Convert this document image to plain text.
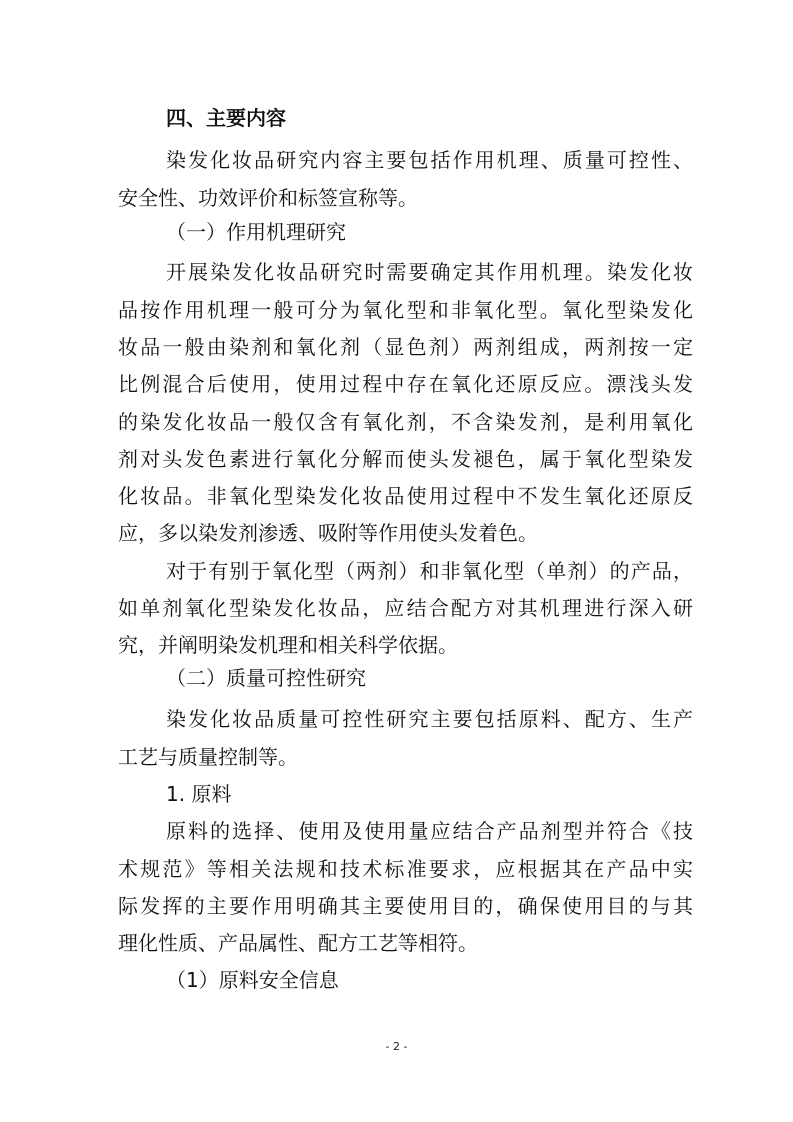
四、主要内容
染发化妆品研究内容主要包括作用机理、质量可控性、
安全性、功效评价和标签宣称等。
（一）作用机理研究
开展染发化妆品研究时需要确定其作用机理。染发化妆
品按作用机理一般可分为氧化型和非氧化型。氧化型染发化
妆品一般由染剂和氧化剂（显色剂）两剂组成，两剂按一定
比例混合后使用，使用过程中存在氧化还原反应。漂浅头发
的染发化妆品一般仅含有氧化剂，不含染发剂，是利用氧化
剂对头发色素进行氧化分解而使头发褪色，属于氧化型染发
化妆品。非氧化型染发化妆品使用过程中不发生氧化还原反
应，多以染发剂渗透、吸附等作用使头发着色。
对于有别于氧化型（两剂）和非氧化型（单剂）的产品，
如单剂氧化型染发化妆品，应结合配方对其机理进行深入研
究，并阐明染发机理和相关科学依据。
（二）质量可控性研究
染发化妆品质量可控性研究主要包括原料、配方、生产
工艺与质量控制等。
1. 原料
原料的选择、使用及使用量应结合产品剂型并符合《技
术规范》等相关法规和技术标准要求，应根据其在产品中实
际发挥的主要作用明确其主要使用目的，确保使用目的与其
理化性质、产品属性、配方工艺等相符。
（1）原料安全信息
- 2 -
